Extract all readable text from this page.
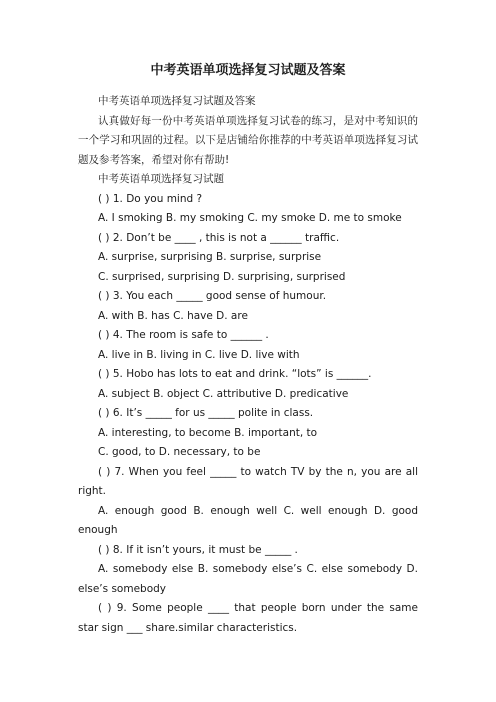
中考英语单项选择复习试题及答案

中考英语单项选择复习试题及答案

认真做好每一份中考英语单项选择复习试卷的练习，是对中考知识的一个学习和巩固的过程。以下是店铺给你推荐的中考英语单项选择复习试题及参考答案，希望对你有帮助!

中考英语单项选择复习试题

( ) 1. Do you mind ?

A. I smoking B. my smoking C. my smoke D. me to smoke

( ) 2. Don’t be ____ , this is not a ______ traffic.

A. surprise, surprising B. surprise, surprise

C. surprised, surprising D. surprising, surprised

( ) 3. You each _____ good sense of humour.

A. with B. has C. have D. are

( ) 4. The room is safe to ______ .

A. live in B. living in C. live D. live with

( ) 5. Hobo has lots to eat and drink. “lots” is ______.

A. subject B. object C. attributive D. predicative

( ) 6. It’s _____ for us _____ polite in class.

A. interesting, to become B. important, to

C. good, to D. necessary, to be

( ) 7. When you feel _____ to watch TV by the n, you are all right.

A. enough good B. enough well C. well enough D. good enough

( ) 8. If it isn’t yours, it must be _____ .

A. somebody else B. somebody else’s C. else somebody D. else’s somebody

( ) 9. Some people ____ that people born under the same star sign ___ share.similar characteristics.
